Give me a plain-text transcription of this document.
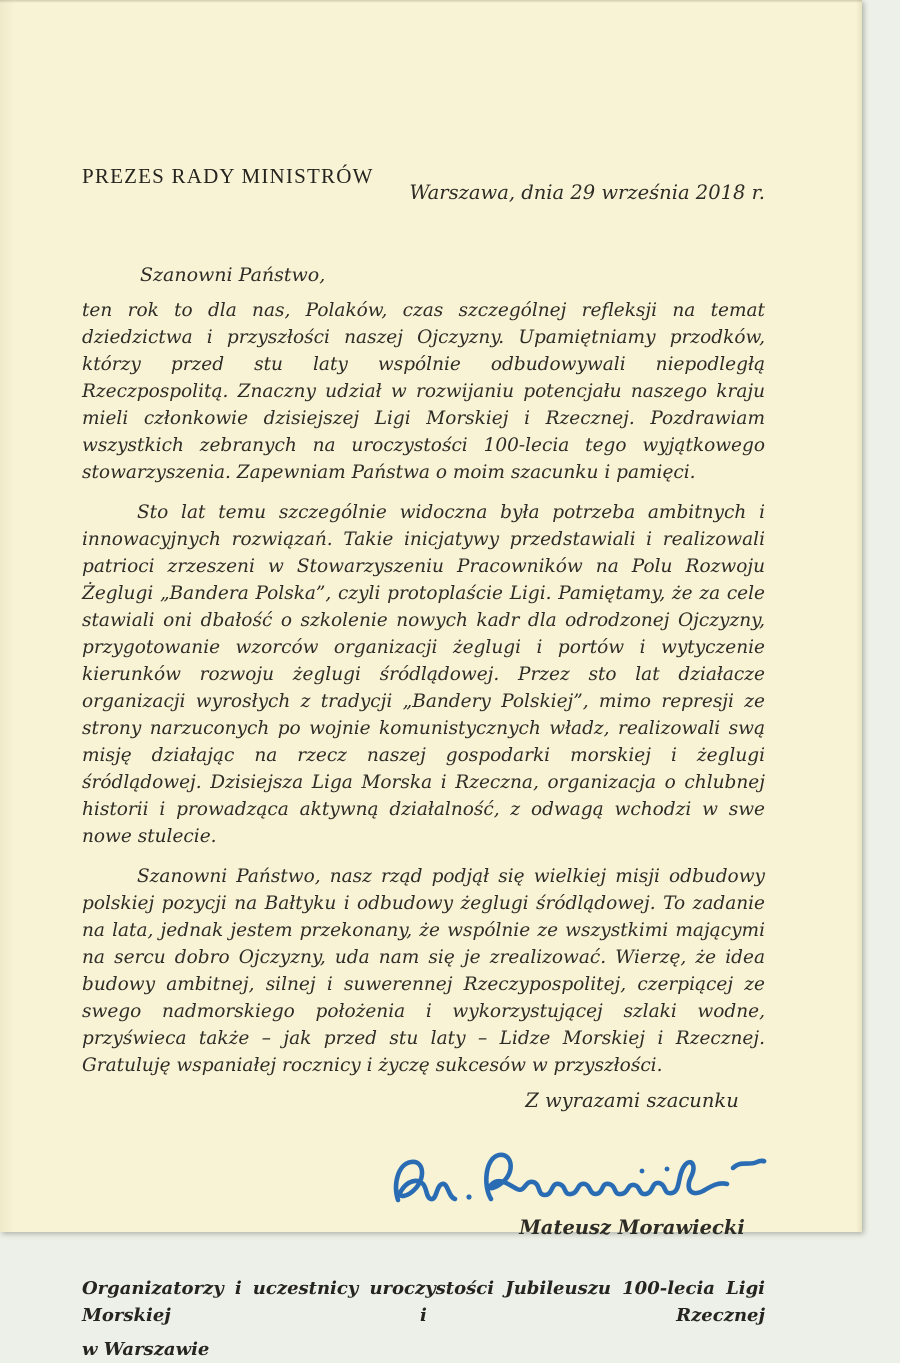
PREZES RADY MINISTRÓW
Warszawa, dnia 29 września 2018 r.
Szanowni Państwo,

ten rok to dla nas, Polaków, czas szczególnej refleksji na temat dziedzictwa i przyszłości naszej Ojczyzny. Upamiętniamy przodków, którzy przed stu laty wspólnie odbudowywali niepodległą Rzeczpospolitą. Znaczny udział w rozwijaniu potencjału naszego kraju mieli członkowie dzisiejszej Ligi Morskiej i Rzecznej. Pozdrawiam wszystkich zebranych na uroczystości 100-lecia tego wyjątkowego stowarzyszenia. Zapewniam Państwa o moim szacunku i pamięci.

Sto lat temu szczególnie widoczna była potrzeba ambitnych i innowacyjnych rozwiązań. Takie inicjatywy przedstawiali i realizowali patrioci zrzeszeni w Stowarzyszeniu Pracowników na Polu Rozwoju Żeglugi „Bandera Polska”, czyli protoplaście Ligi. Pamiętamy, że za cele stawiali oni dbałość o szkolenie nowych kadr dla odrodzonej Ojczyzny, przygotowanie wzorców organizacji żeglugi i portów i wytyczenie kierunków rozwoju żeglugi śródlądowej. Przez sto lat działacze organizacji wyrosłych z tradycji „Bandery Polskiej”, mimo represji ze strony narzuconych po wojnie komunistycznych władz, realizowali swą misję działając na rzecz naszej gospodarki morskiej i żeglugi śródlądowej. Dzisiejsza Liga Morska i Rzeczna, organizacja o chlubnej historii i prowadząca aktywną działalność, z odwagą wchodzi w swe nowe stulecie.

Szanowni Państwo, nasz rząd podjął się wielkiej misji odbudowy polskiej pozycji na Bałtyku i odbudowy żeglugi śródlądowej. To zadanie na lata, jednak jestem przekonany, że wspólnie ze wszystkimi mającymi na sercu dobro Ojczyzny, uda nam się je zrealizować. Wierzę, że idea budowy ambitnej, silnej i suwerennej Rzeczypospolitej, czerpiącej ze swego nadmorskiego położenia i wykorzystującej szlaki wodne, przyświeca także – jak przed stu laty – Lidze Morskiej i Rzecznej. Gratuluję wspaniałej rocznicy i życzę sukcesów w przyszłości.

Z wyrazami szacunku
Mateusz Morawiecki
Organizatorzy i uczestnicy uroczystości Jubileuszu 100-lecia Ligi Morskiej i Rzecznej
w Warszawie
